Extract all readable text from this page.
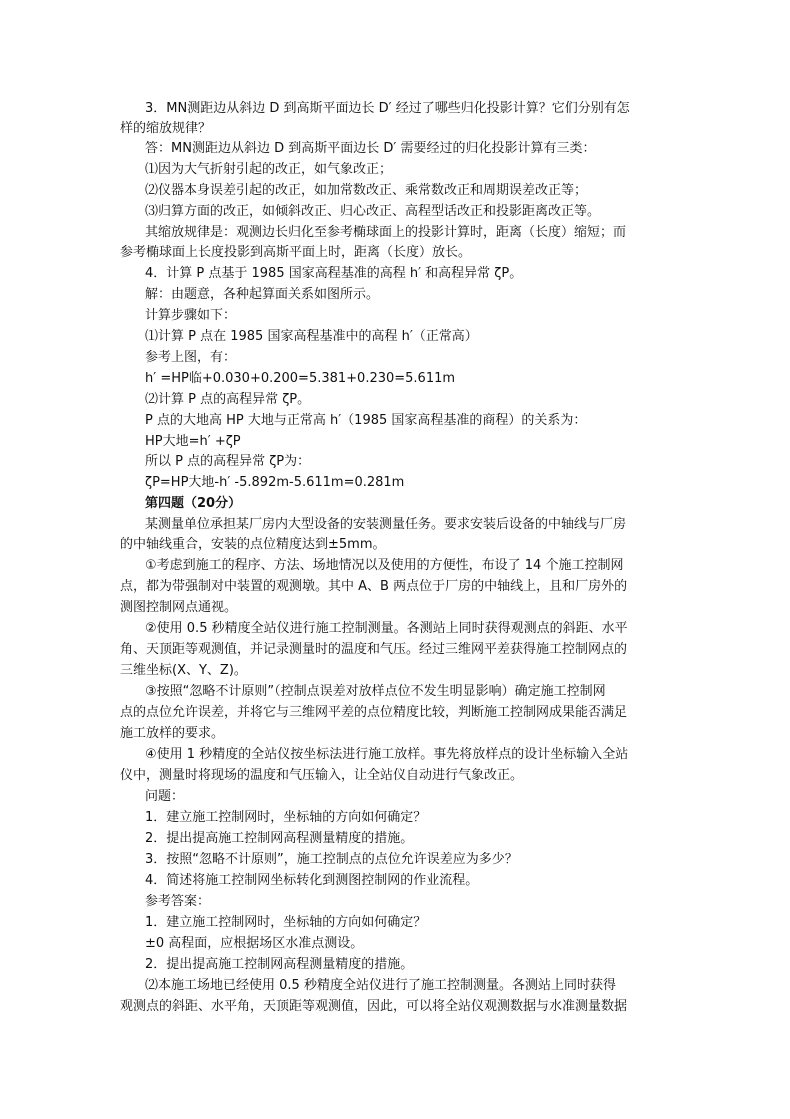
3．MN测距边从斜边 D 到高斯平面边长 D′ 经过了哪些归化投影计算？它们分别有怎
样的缩放规律？
答：MN测距边从斜边 D 到高斯平面边长 D′ 需要经过的归化投影计算有三类：
⑴因为大气折射引起的改正，如气象改正；
⑵仪器本身误差引起的改正，如加常数改正、乘常数改正和周期误差改正等；
⑶归算方面的改正，如倾斜改正、归心改正、高程型话改正和投影距离改正等。
其缩放规律是：观测边长归化至参考椭球面上的投影计算时，距离（长度）缩短；而
参考椭球面上长度投影到高斯平面上时，距离（长度）放长。
4．计算 P 点基于 1985 国家高程基准的高程 h′ 和高程异常 ζP。
解：由题意，各种起算面关系如图所示。
计算步骤如下：
⑴计算 P 点在 1985 国家高程基准中的高程 h′（正常高）
参考上图，有：
h′ =HP临+0.030+0.200=5.381+0.230=5.611m
⑵计算 P 点的高程异常 ζP。
P 点的大地高 HP 大地与正常高 h′（1985 国家高程基准的商程）的关系为：
HP大地=h′ +ζP
所以 P 点的高程异常 ζP为：
ζP=HP大地-h′ -5.892m-5.611m=0.281m
第四题（20分）
某测量单位承担某厂房内大型设备的安装测量任务。要求安装后设备的中轴线与厂房
的中轴线重合，安装的点位精度达到±5mm。
①考虑到施工的程序、方法、场地情况以及使用的方便性，布设了 14 个施工控制网
点，都为带强制对中装置的观测墩。其中 A、B 两点位于厂房的中轴线上，且和厂房外的
测图控制网点通视。
②使用 0.5 秒精度全站仪进行施工控制测量。各测站上同时获得观测点的斜距、水平
角、天顶距等观测值，并记录测量时的温度和气压。经过三维网平差获得施工控制网点的
三维坐标(X、Y、Z)。
③按照“忽略不计原则”（控制点误差对放样点位不发生明显影响）确定施工控制网
点的点位允许误差，并将它与三维网平差的点位精度比较，判断施工控制网成果能否满足
施工放样的要求。
④使用 1 秒精度的全站仪按坐标法进行施工放样。事先将放样点的设计坐标输入全站
仪中，测量时将现场的温度和气压输入，让全站仪自动进行气象改正。
问题：
1．建立施工控制网时，坐标轴的方向如何确定？
2．提出提高施工控制网高程测量精度的措施。
3．按照“忽略不计原则”，施工控制点的点位允许误差应为多少？
4．简述将施工控制网坐标转化到测图控制网的作业流程。
参考答案：
1．建立施工控制网时，坐标轴的方向如何确定？
±0 高程面，应根据场区水准点测设。
2．提出提高施工控制网高程测量精度的措施。
⑵本施工场地已经使用 0.5 秒精度全站仪进行了施工控制测量。各测站上同时获得
观测点的斜距、水平角，天顶距等观测值，因此，可以将全站仪观测数据与水准测量数据
